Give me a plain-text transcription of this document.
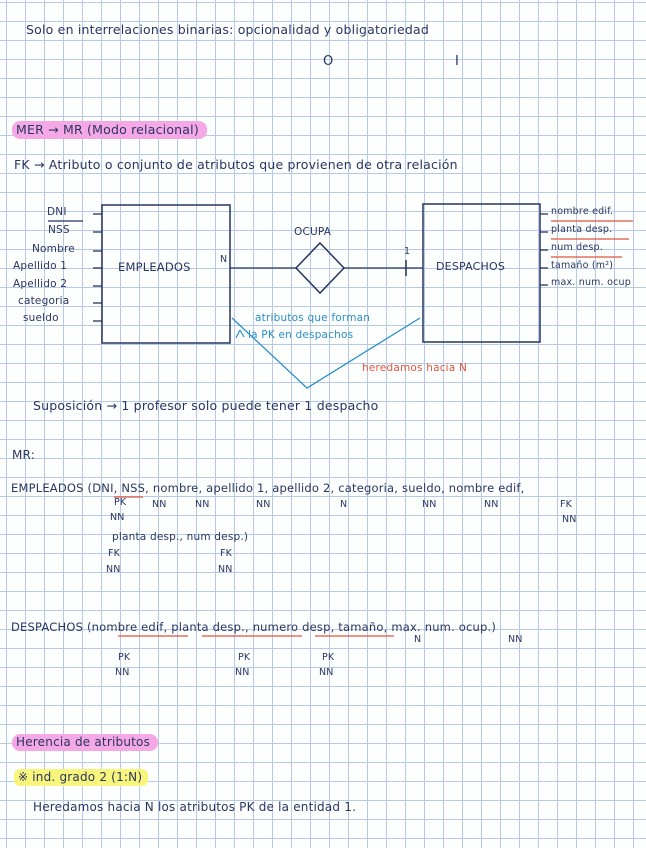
Solo en interrelaciones binarias: opcionalidad y obligatoriedad
O	I
MER → MR (Modo relacional)
FK → Atributo o conjunto de atributos que provienen de otra relación
DNI
NSS
Nombre
Apellido 1
Apellido 2
categoria
sueldo
EMPLEADOS
N
OCUPA
1
DESPACHOS
nombre edif.
planta desp.
num desp.
tamaño (m²)
max. num. ocup
atributos que forman
la PK en despachos
heredamos hacia N
Suposición → 1 profesor solo puede tener 1 despacho
MR:
EMPLEADOS (DNI, NSS, nombre, apellido 1, apellido 2, categoria, sueldo, nombre edif,
PK
NN
NN	NN	NN	N	NN	NN	FK
NN
planta desp., num desp.)
FK
NN
FK
NN
DESPACHOS (nombre edif, planta desp., numero desp, tamaño, max. num. ocup.)
N	NN
PK
NN
PK
NN
PK
NN
Herencia de atributos
※ ind. grado 2 (1:N)
Heredamos hacia N los atributos PK de la entidad 1.
